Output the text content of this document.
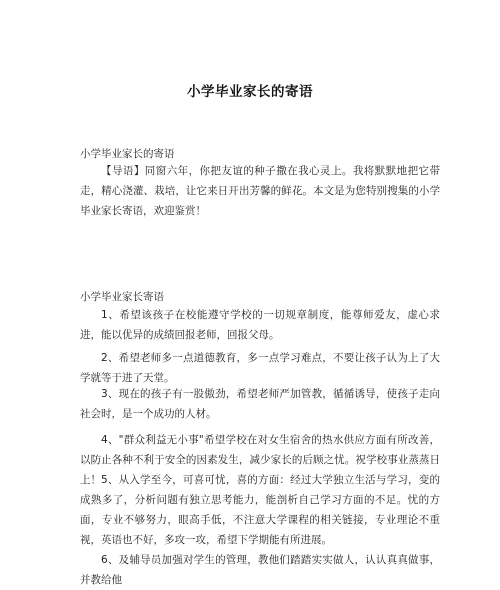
小学毕业家长的寄语
小学毕业家长的寄语
【导语】同窗六年，你把友谊的种子撒在我心灵上。我将默默地把它带走，精心浇灌、栽培，让它来日开出芳馨的鲜花。本文是为您特别搜集的小学毕业家长寄语，欢迎鉴赏！
小学毕业家长寄语
1、希望该孩子在校能遵守学校的一切规章制度，能尊师爱友，虚心求进，能以优异的成绩回报老师，回报父母。
2、希望老师多一点道德教育，多一点学习难点，不要让孩子认为上了大学就等于进了天堂。
3、现在的孩子有一股傲劲，希望老师严加管教，循循诱导，使孩子走向社会时，是一个成功的人材。
4、"群众利益无小事"希望学校在对女生宿舍的热水供应方面有所改善，以防止各种不利于安全的因素发生，减少家长的后顾之忧。祝学校事业蒸蒸日上！ 5、从入学至今，可喜可忧，喜的方面：经过大学独立生活与学习，变的成熟多了，分析问题有独立思考能力，能剖析自己学习方面的不足。忧的方面，专业不够努力，眼高手低，不注意大学课程的相关链接，专业理论不重视，英语也不好，多攻一攻，希望下学期能有所进展。
6、及辅导员加强对学生的管理，教他们踏踏实实做人，认认真真做事，并教给他
